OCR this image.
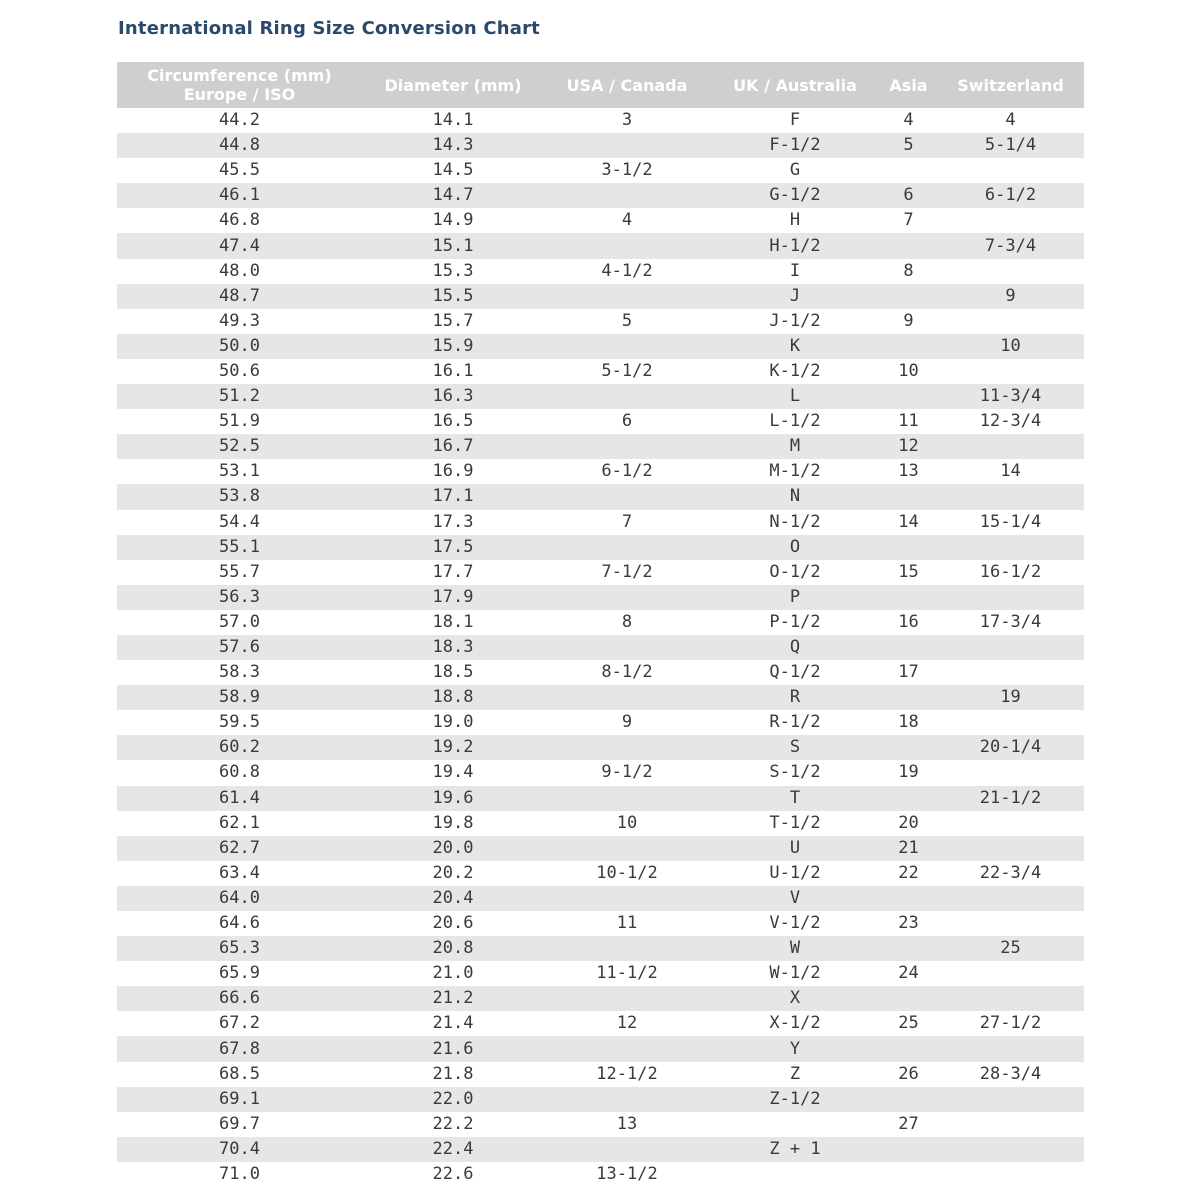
International Ring Size Conversion Chart
Circumference (mm) Europe / ISO	Diameter (mm)	USA / Canada	UK / Australia	Asia	Switzerland
44.2	14.1	3	F	4	4
44.8	14.3		F-1/2	5	5-1/4
45.5	14.5	3-1/2	G		
46.1	14.7		G-1/2	6	6-1/2
46.8	14.9	4	H	7	
47.4	15.1		H-1/2		7-3/4
48.0	15.3	4-1/2	I	8	
48.7	15.5		J		9
49.3	15.7	5	J-1/2	9	
50.0	15.9		K		10
50.6	16.1	5-1/2	K-1/2	10	
51.2	16.3		L		11-3/4
51.9	16.5	6	L-1/2	11	12-3/4
52.5	16.7		M	12	
53.1	16.9	6-1/2	M-1/2	13	14
53.8	17.1		N		
54.4	17.3	7	N-1/2	14	15-1/4
55.1	17.5		O		
55.7	17.7	7-1/2	O-1/2	15	16-1/2
56.3	17.9		P		
57.0	18.1	8	P-1/2	16	17-3/4
57.6	18.3		Q		
58.3	18.5	8-1/2	Q-1/2	17	
58.9	18.8		R		19
59.5	19.0	9	R-1/2	18	
60.2	19.2		S		20-1/4
60.8	19.4	9-1/2	S-1/2	19	
61.4	19.6		T		21-1/2
62.1	19.8	10	T-1/2	20	
62.7	20.0		U	21	
63.4	20.2	10-1/2	U-1/2	22	22-3/4
64.0	20.4		V		
64.6	20.6	11	V-1/2	23	
65.3	20.8		W		25
65.9	21.0	11-1/2	W-1/2	24	
66.6	21.2		X		
67.2	21.4	12	X-1/2	25	27-1/2
67.8	21.6		Y		
68.5	21.8	12-1/2	Z	26	28-3/4
69.1	22.0		Z-1/2		
69.7	22.2	13		27	
70.4	22.4		Z + 1		
71.0	22.6	13-1/2			
